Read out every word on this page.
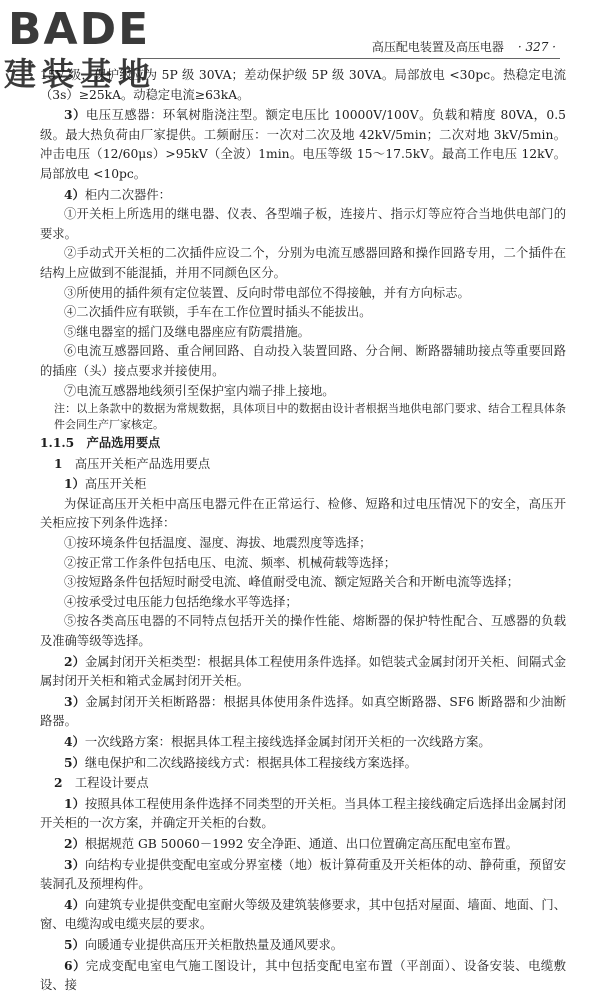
BADE
建装基地
高压配电装置及高压电器 · 327 ·

15V 级，保护级应为 5P 级 30VA；差动保护级 5P 级 30VA。局部放电 <30pc。热稳定电流（3s）≥25kA。动稳定电流≥63kA。

3）电压互感器：环氧树脂浇注型。额定电压比 10000V/100V。负载和精度 80VA，0.5 级。最大热负荷由厂家提供。工频耐压：一次对二次及地 42kV/5min；二次对地 3kV/5min。冲击电压（12/60μs）>95kV（全波）1min。电压等级 15～17.5kV。最高工作电压 12kV。局部放电 <10pc。

4）柜内二次器件：

①开关柜上所选用的继电器、仪表、各型端子板，连接片、指示灯等应符合当地供电部门的要求。

②手动式开关柜的二次插件应设二个，分别为电流互感器回路和操作回路专用，二个插件在结构上应做到不能混插，并用不同颜色区分。

③所使用的插件须有定位装置、反向时带电部位不得接触，并有方向标志。

④二次插件应有联锁，手车在工作位置时插头不能拔出。

⑤继电器室的摇门及继电器座应有防震措施。

⑥电流互感器回路、重合闸回路、自动投入装置回路、分合闸、断路器辅助接点等重要回路的插座（头）接点要求并接使用。

⑦电流互感器地线须引至保护室内端子排上接地。

注：以上条款中的数据为常规数据，具体项目中的数据由设计者根据当地供电部门要求、结合工程具体条件会同生产厂家核定。

1.1.5　产品选用要点

1　高压开关柜产品选用要点

1）高压开关柜

为保证高压开关柜中高压电器元件在正常运行、检修、短路和过电压情况下的安全，高压开关柜应按下列条件选择：

①按环境条件包括温度、湿度、海拔、地震烈度等选择；

②按正常工作条件包括电压、电流、频率、机械荷载等选择；

③按短路条件包括短时耐受电流、峰值耐受电流、额定短路关合和开断电流等选择；

④按承受过电压能力包括绝缘水平等选择；

⑤按各类高压电器的不同特点包括开关的操作性能、熔断器的保护特性配合、互感器的负载及准确等级等选择。

2）金属封闭开关柜类型：根据具体工程使用条件选择。如铠装式金属封闭开关柜、间隔式金属封闭开关柜和箱式金属封闭开关柜。

3）金属封闭开关柜断路器：根据具体使用条件选择。如真空断路器、SF6 断路器和少油断路器。

4）一次线路方案：根据具体工程主接线选择金属封闭开关柜的一次线路方案。

5）继电保护和二次线路接线方式：根据具体工程接线方案选择。

2　工程设计要点

1）按照具体工程使用条件选择不同类型的开关柜。当具体工程主接线确定后选择出金属封闭开关柜的一次方案，并确定开关柜的台数。

2）根据规范 GB 50060－1992 安全净距、通道、出口位置确定高压配电室布置。

3）向结构专业提供变配电室或分界室楼（地）板计算荷重及开关柜体的动、静荷重，预留安装洞孔及预埋构件。

4）向建筑专业提供变配电室耐火等级及建筑装修要求，其中包括对屋面、墙面、地面、门、窗、电缆沟或电缆夹层的要求。

5）向暖通专业提供高压开关柜散热量及通风要求。

6）完成变配电室电气施工图设计，其中包括变配电室布置（平剖面）、设备安装、电缆敷设、接
